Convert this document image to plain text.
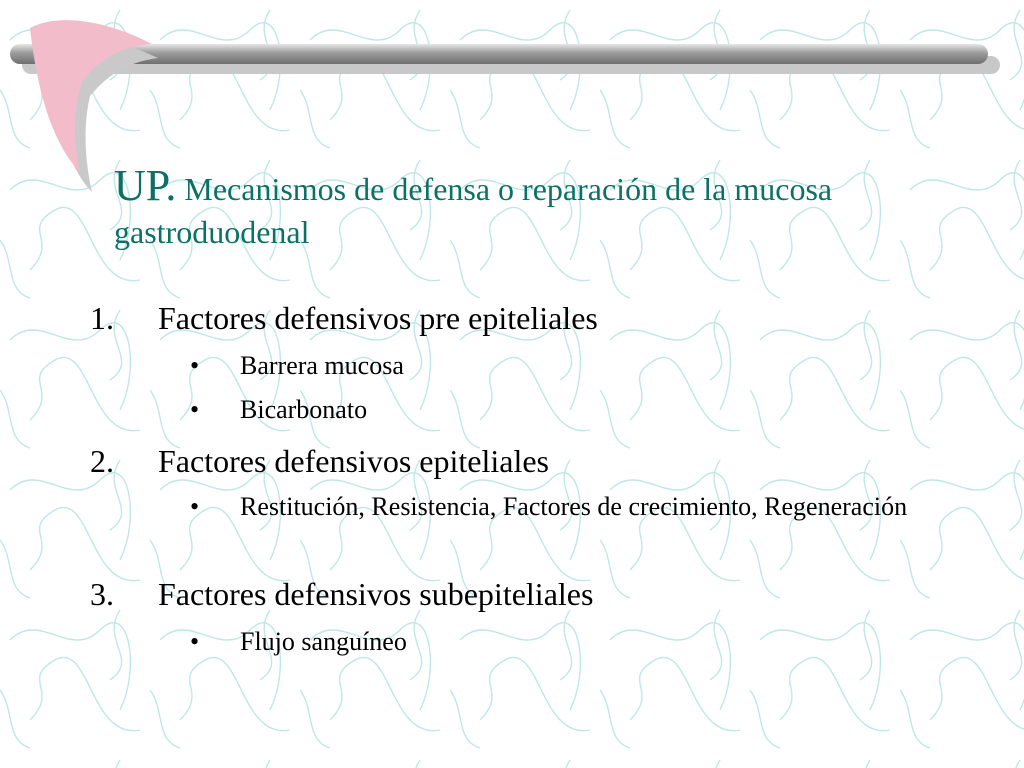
UP. Mecanismos de defensa o reparación de la mucosa gastroduodenal
1. Factores defensivos pre epiteliales
• Barrera mucosa
• Bicarbonato
2. Factores defensivos epiteliales
• Restitución, Resistencia, Factores de crecimiento, Regeneración
3. Factores defensivos subepiteliales
• Flujo sanguíneo
